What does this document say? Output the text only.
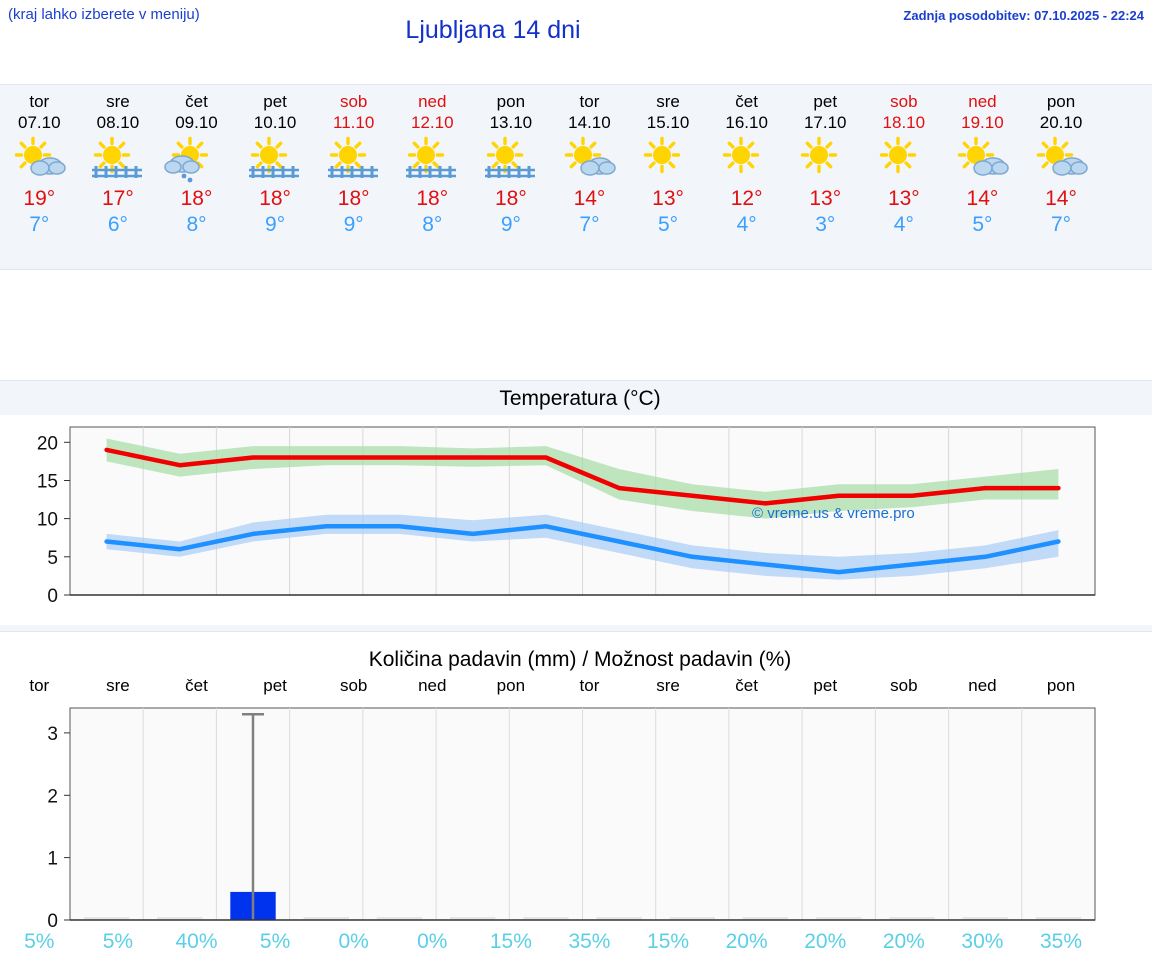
(kraj lahko izberete v meniju)
Ljubljana 14 dni
Zadnja posodobitev: 07.10.2025 - 22:24
tor
07.10
19°
7°
sre
08.10
17°
6°
čet
09.10
18°
8°
pet
10.10
18°
9°
sob
11.10
18°
9°
ned
12.10
18°
8°
pon
13.10
18°
9°
tor
14.10
14°
7°
sre
15.10
13°
5°
čet
16.10
12°
4°
pet
17.10
13°
3°
sob
18.10
13°
4°
ned
19.10
14°
5°
pon
20.10
14°
7°
Temperatura (°C)
0
5
10
15
20
© vreme.us & vreme.pro
Količina padavin (mm) / Možnost padavin (%)
tor	sre	čet	pet	sob	ned	pon	tor	sre	čet	pet	sob	ned	pon
0
1
2
3
5%	5%	40%	5%	0%	0%	15%	35%	15%	20%	20%	20%	30%	35%
